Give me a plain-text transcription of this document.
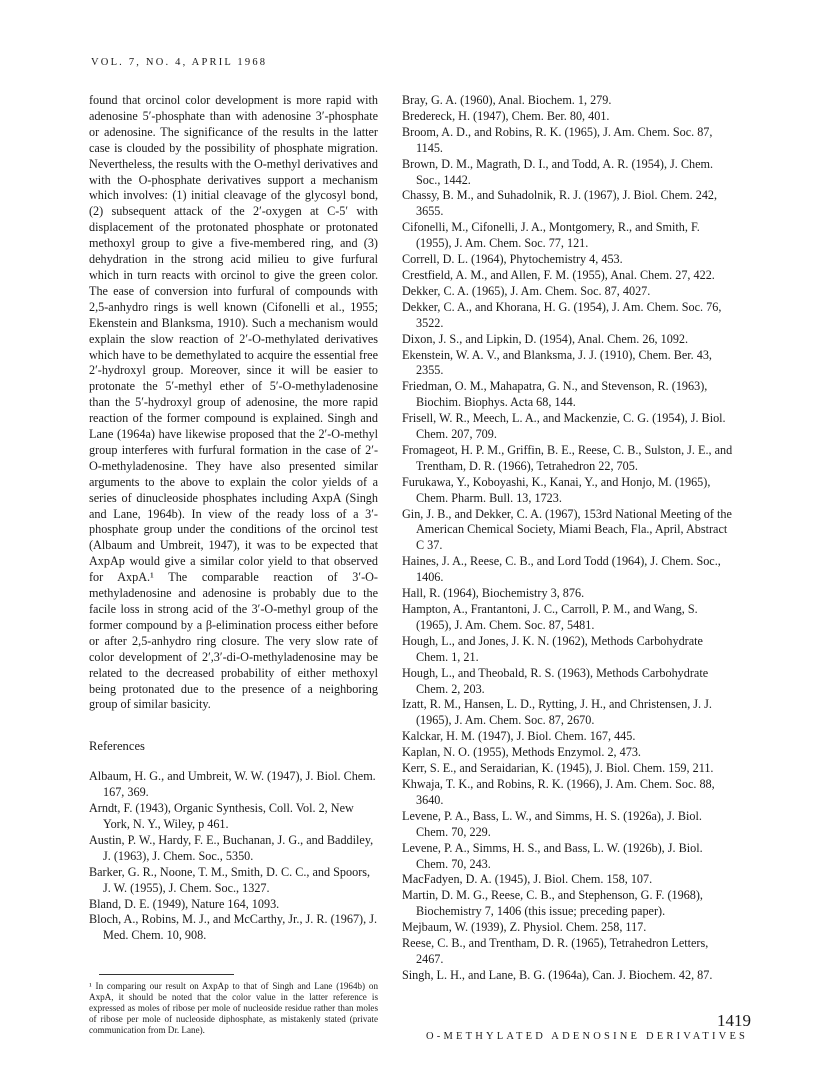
VOL. 7, NO. 4, APRIL 1968

found that orcinol color development is more rapid with adenosine 5′-phosphate than with adenosine 3′-phosphate or adenosine. The significance of the results in the latter case is clouded by the possibility of phosphate migration. Nevertheless, the results with the O-methyl derivatives and with the O-phosphate derivatives support a mechanism which involves: (1) initial cleavage of the glycosyl bond, (2) subsequent attack of the 2′-oxygen at C-5′ with displacement of the protonated phosphate or protonated methoxyl group to give a five-membered ring, and (3) dehydration in the strong acid milieu to give furfural which in turn reacts with orcinol to give the green color. The ease of conversion into furfural of compounds with 2,5-anhydro rings is well known (Cifonelli et al., 1955; Ekenstein and Blanksma, 1910). Such a mechanism would explain the slow reaction of 2′-O-methylated derivatives which have to be demethylated to acquire the essential free 2′-hydroxyl group. Moreover, since it will be easier to protonate the 5′-methyl ether of 5′-O-methyladenosine than the 5′-hydroxyl group of adenosine, the more rapid reaction of the former compound is explained. Singh and Lane (1964a) have likewise proposed that the 2′-O-methyl group interferes with furfural formation in the case of 2′-O-methyladenosine. They have also presented similar arguments to the above to explain the color yields of a series of dinucleoside phosphates including AxpA (Singh and Lane, 1964b). In view of the ready loss of a 3′-phosphate group under the conditions of the orcinol test (Albaum and Umbreit, 1947), it was to be expected that AxpAp would give a similar color yield to that observed for AxpA.¹ The comparable reaction of 3′-O-methyladenosine and adenosine is probably due to the facile loss in strong acid of the 3′-O-methyl group of the former compound by a β-elimination process either before or after 2,5-anhydro ring closure. The very slow rate of color development of 2′,3′-di-O-methyladenosine may be related to the decreased probability of either methoxyl being protonated due to the presence of a neighboring group of similar basicity.

References

Albaum, H. G., and Umbreit, W. W. (1947), J. Biol. Chem. 167, 369.

Arndt, F. (1943), Organic Synthesis, Coll. Vol. 2, New York, N. Y., Wiley, p 461.

Austin, P. W., Hardy, F. E., Buchanan, J. G., and Baddiley, J. (1963), J. Chem. Soc., 5350.

Barker, G. R., Noone, T. M., Smith, D. C. C., and Spoors, J. W. (1955), J. Chem. Soc., 1327.

Bland, D. E. (1949), Nature 164, 1093.

Bloch, A., Robins, M. J., and McCarthy, Jr., J. R. (1967), J. Med. Chem. 10, 908.

¹ In comparing our result on AxpAp to that of Singh and Lane (1964b) on AxpA, it should be noted that the color value in the latter reference is expressed as moles of ribose per mole of nucleoside residue rather than moles of ribose per mole of nucleoside diphosphate, as mistakenly stated (private communication from Dr. Lane).

Bray, G. A. (1960), Anal. Biochem. 1, 279.

Bredereck, H. (1947), Chem. Ber. 80, 401.

Broom, A. D., and Robins, R. K. (1965), J. Am. Chem. Soc. 87, 1145.

Brown, D. M., Magrath, D. I., and Todd, A. R. (1954), J. Chem. Soc., 1442.

Chassy, B. M., and Suhadolnik, R. J. (1967), J. Biol. Chem. 242, 3655.

Cifonelli, M., Cifonelli, J. A., Montgomery, R., and Smith, F. (1955), J. Am. Chem. Soc. 77, 121.

Correll, D. L. (1964), Phytochemistry 4, 453.

Crestfield, A. M., and Allen, F. M. (1955), Anal. Chem. 27, 422.

Dekker, C. A. (1965), J. Am. Chem. Soc. 87, 4027.

Dekker, C. A., and Khorana, H. G. (1954), J. Am. Chem. Soc. 76, 3522.

Dixon, J. S., and Lipkin, D. (1954), Anal. Chem. 26, 1092.

Ekenstein, W. A. V., and Blanksma, J. J. (1910), Chem. Ber. 43, 2355.

Friedman, O. M., Mahapatra, G. N., and Stevenson, R. (1963), Biochim. Biophys. Acta 68, 144.

Frisell, W. R., Meech, L. A., and Mackenzie, C. G. (1954), J. Biol. Chem. 207, 709.

Fromageot, H. P. M., Griffin, B. E., Reese, C. B., Sulston, J. E., and Trentham, D. R. (1966), Tetrahedron 22, 705.

Furukawa, Y., Koboyashi, K., Kanai, Y., and Honjo, M. (1965), Chem. Pharm. Bull. 13, 1723.

Gin, J. B., and Dekker, C. A. (1967), 153rd National Meeting of the American Chemical Society, Miami Beach, Fla., April, Abstract C 37.

Haines, J. A., Reese, C. B., and Lord Todd (1964), J. Chem. Soc., 1406.

Hall, R. (1964), Biochemistry 3, 876.

Hampton, A., Frantantoni, J. C., Carroll, P. M., and Wang, S. (1965), J. Am. Chem. Soc. 87, 5481.

Hough, L., and Jones, J. K. N. (1962), Methods Carbohydrate Chem. 1, 21.

Hough, L., and Theobald, R. S. (1963), Methods Carbohydrate Chem. 2, 203.

Izatt, R. M., Hansen, L. D., Rytting, J. H., and Christensen, J. J. (1965), J. Am. Chem. Soc. 87, 2670.

Kalckar, H. M. (1947), J. Biol. Chem. 167, 445.

Kaplan, N. O. (1955), Methods Enzymol. 2, 473.

Kerr, S. E., and Seraidarian, K. (1945), J. Biol. Chem. 159, 211.

Khwaja, T. K., and Robins, R. K. (1966), J. Am. Chem. Soc. 88, 3640.

Levene, P. A., Bass, L. W., and Simms, H. S. (1926a), J. Biol. Chem. 70, 229.

Levene, P. A., Simms, H. S., and Bass, L. W. (1926b), J. Biol. Chem. 70, 243.

MacFadyen, D. A. (1945), J. Biol. Chem. 158, 107.

Martin, D. M. G., Reese, C. B., and Stephenson, G. F. (1968), Biochemistry 7, 1406 (this issue; preceding paper).

Mejbaum, W. (1939), Z. Physiol. Chem. 258, 117.

Reese, C. B., and Trentham, D. R. (1965), Tetrahedron Letters, 2467.

Singh, L. H., and Lane, B. G. (1964a), Can. J. Biochem. 42, 87.

1419
O-METHYLATED ADENOSINE DERIVATIVES
